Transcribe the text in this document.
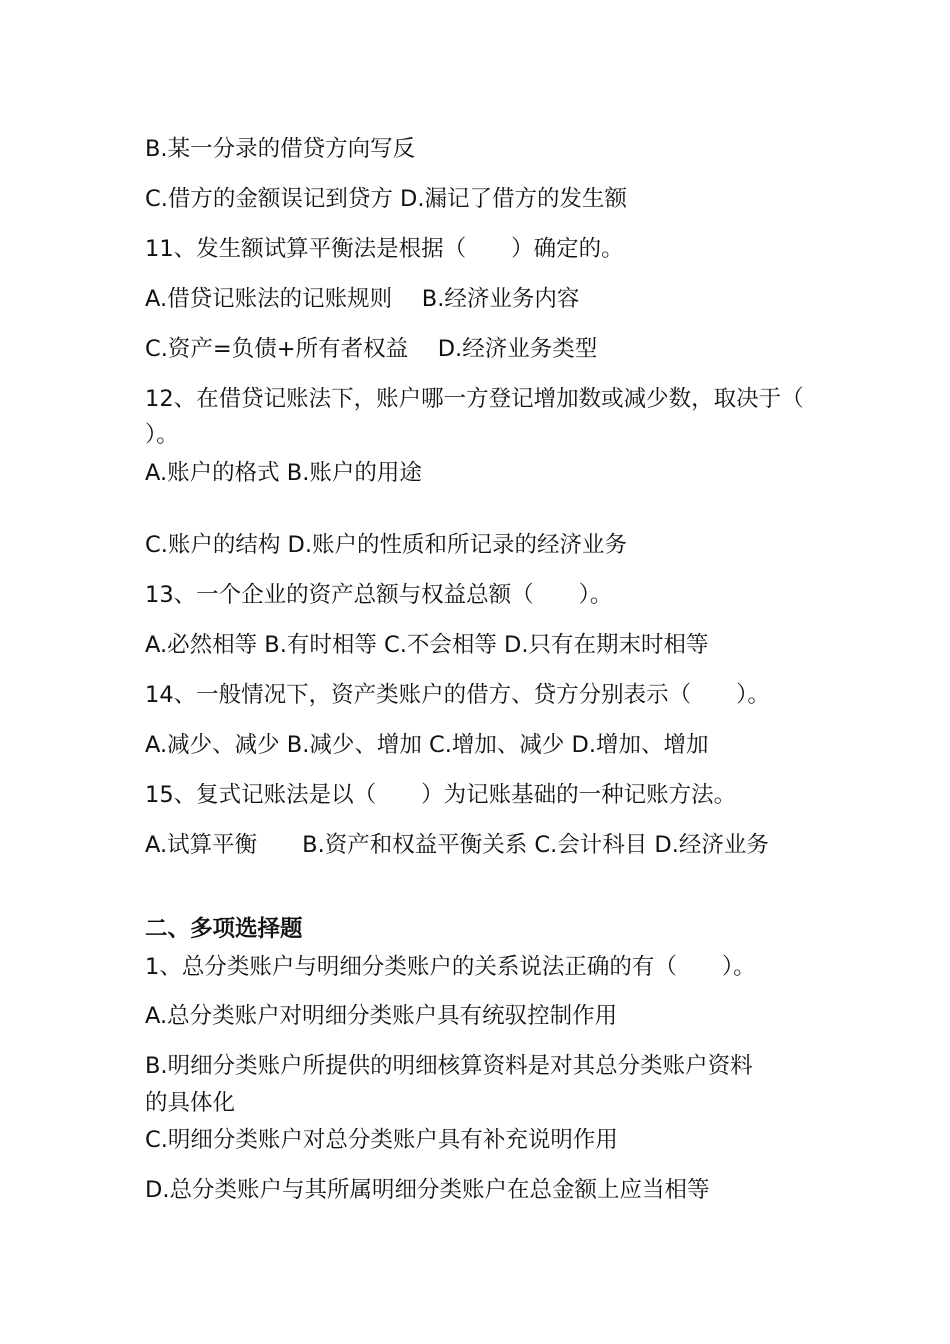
B.某一分录的借贷方向写反

C.借方的金额误记到贷方 D.漏记了借方的发生额

11、发生额试算平衡法是根据（　　）确定的。

A.借贷记账法的记账规则　 B.经济业务内容

C.资产=负债+所有者权益　 D.经济业务类型

12、在借贷记账法下，账户哪一方登记增加数或减少数，取决于（

）。

A.账户的格式 B.账户的用途

C.账户的结构 D.账户的性质和所记录的经济业务

13、一个企业的资产总额与权益总额（　　）。

A.必然相等 B.有时相等 C.不会相等 D.只有在期末时相等

14、一般情况下，资产类账户的借方、贷方分别表示（　　）。

A.减少、减少 B.减少、增加 C.增加、减少 D.增加、增加

15、复式记账法是以（　　）为记账基础的一种记账方法。

A.试算平衡　　B.资产和权益平衡关系 C.会计科目 D.经济业务

二、多项选择题

1、总分类账户与明细分类账户的关系说法正确的有（　　）。

A.总分类账户对明细分类账户具有统驭控制作用

B.明细分类账户所提供的明细核算资料是对其总分类账户资料

的具体化

C.明细分类账户对总分类账户具有补充说明作用

D.总分类账户与其所属明细分类账户在总金额上应当相等
